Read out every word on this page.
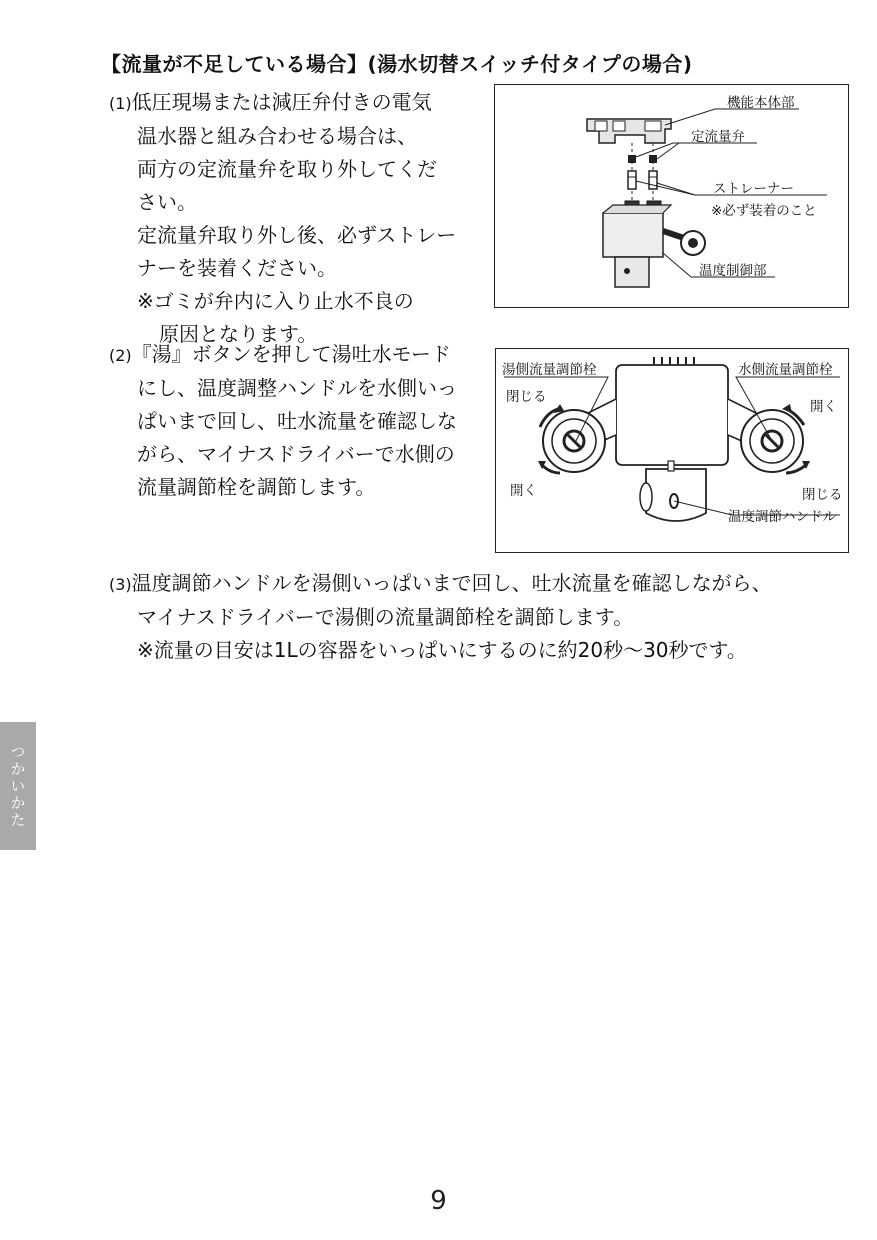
【流量が不足している場合】(湯水切替スイッチ付タイプの場合)
(1)低圧現場または減圧弁付きの電気
温水器と組み合わせる場合は、
両方の定流量弁を取り外してくだ
さい。
定流量弁取り外し後、必ずストレー
ナーを装着ください。
※ゴミが弁内に入り止水不良の
原因となります。
(2)『湯』ボタンを押して湯吐水モード
にし、温度調整ハンドルを水側いっ
ぱいまで回し、吐水流量を確認しな
がら、マイナスドライバーで水側の
流量調節栓を調節します。
(3)温度調節ハンドルを湯側いっぱいまで回し、吐水流量を確認しながら、
マイナスドライバーで湯側の流量調節栓を調節します。
※流量の目安は1Lの容器をいっぱいにするのに約20秒～30秒です。
機能本体部
定流量弁
ストレーナー
※必ず装着のこと
温度制御部
湯側流量調節栓	水側流量調節栓
閉じる
開く
開く
閉じる
温度調節ハンドル
つかいかた
9
